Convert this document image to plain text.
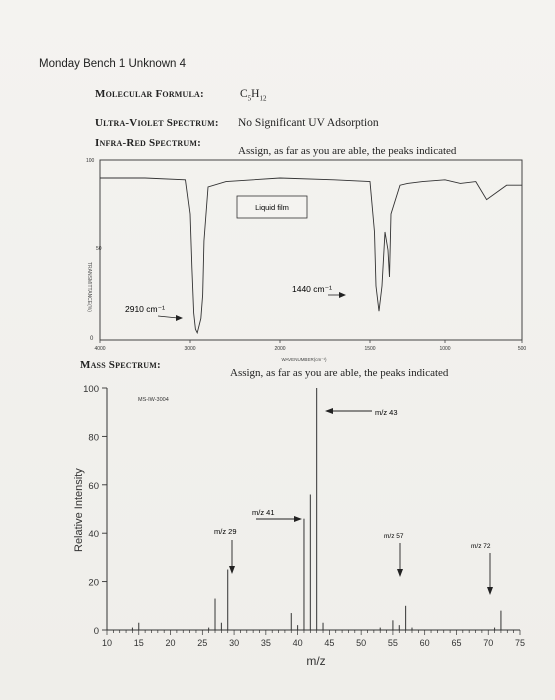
Monday Bench 1 Unknown 4
Molecular Formula:	$C_5H_{12}$
Ultra-Violet Spectrum: No Significant UV Adsorption
Infra-Red Spectrum:
Assign, as far as you are able, the peaks indicated
TRANSMITTANCE(%)
100
50
0
4000	3000	2000	1500	1000	500
WAVENUMBER(cm⁻¹)
Liquid film
2910 cm⁻¹
1440 cm⁻¹
0
20
40
60
80
100
10 15 20 25 30 35 40 45 50 55 60 65 70 75
MS-IW-3004
Relative Intensity
m/z
m/z 43
m/z 29
m/z 41
m/z 57
m/z 72
Mass Spectrum:
Assign, as far as you are able, the peaks indicated
